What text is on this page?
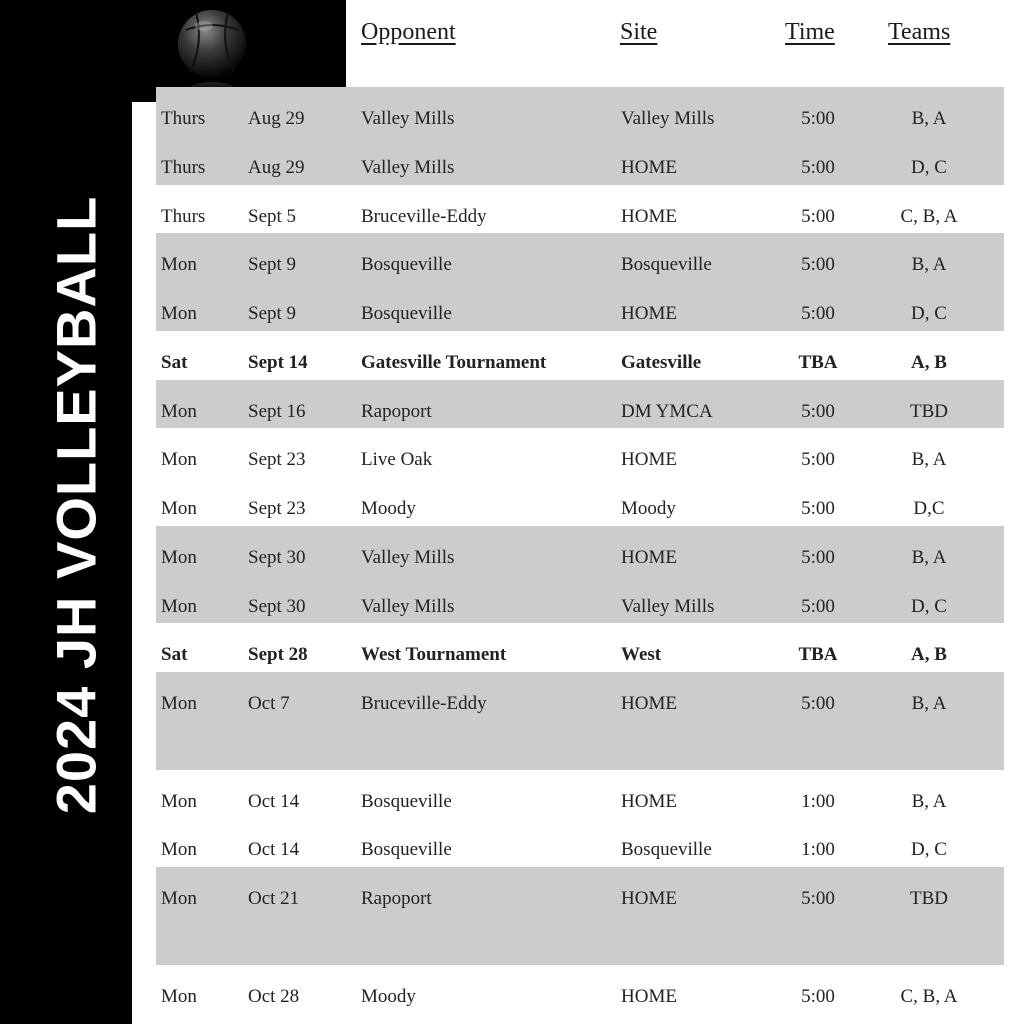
2024 JH VOLLEYBALL
Opponent	Site	Time Teams
Thurs Aug 29	Valley Mills	Valley Mills	5:00	B, A
Thurs Aug 29	Valley Mills	HOME	5:00	D, C
Thurs Sept 5	Bruceville-Eddy	HOME	5:00	C, B, A
Mon	Sept 9	Bosqueville	Bosqueville	5:00	B, A
Mon	Sept 9	Bosqueville	HOME	5:00	D, C
Sat	Sept 14	Gatesville Tournament	Gatesville	TBA	A, B
Mon	Sept 16	Rapoport	DM YMCA	5:00	TBD
Mon	Sept 23	Live Oak	HOME	5:00	B, A
Mon	Sept 23	Moody	Moody	5:00	D,C
Mon	Sept 30	Valley Mills	HOME	5:00	B, A
Mon	Sept 30	Valley Mills	Valley Mills	5:00	D, C
Sat	Sept 28	West Tournament	West	TBA	A, B
Mon	Oct 7	Bruceville-Eddy	HOME	5:00	B, A
Mon	Oct 14	Bosqueville	HOME	1:00	B, A
Mon	Oct 14	Bosqueville	Bosqueville	1:00	D, C
Mon	Oct 21	Rapoport	HOME	5:00	TBD
Mon	Oct 28	Moody	HOME	5:00	C, B, A
